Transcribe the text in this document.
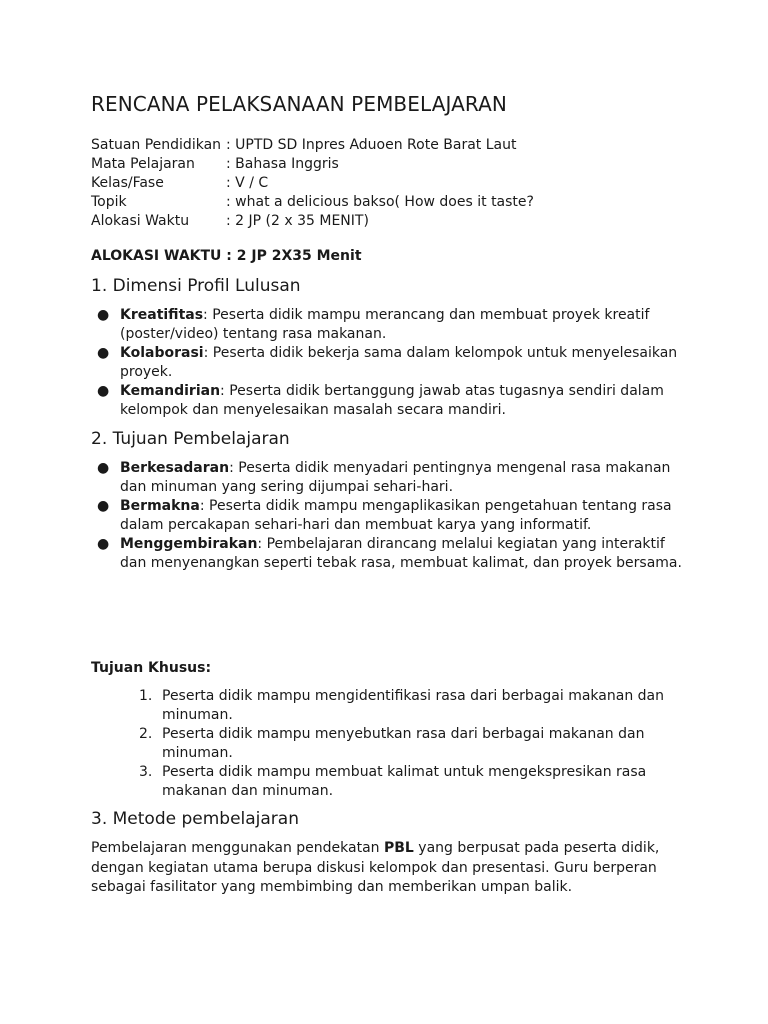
RENCANA PELAKSANAAN PEMBELAJARAN
Satuan Pendidikan : UPTD SD Inpres Aduoen Rote Barat Laut
Mata Pelajaran	: Bahasa Inggris
Kelas/Fase	: V / C
Topik	: what a delicious bakso( How does it taste?
Alokasi Waktu	: 2 JP (2 x 35 MENIT)
ALOKASI WAKTU : 2 JP 2X35 Menit
1. Dimensi Profil Lulusan
● Kreatifitas: Peserta didik mampu merancang dan membuat proyek kreatif (poster/video) tentang rasa makanan.
● Kolaborasi: Peserta didik bekerja sama dalam kelompok untuk menyelesaikan proyek.
● Kemandirian: Peserta didik bertanggung jawab atas tugasnya sendiri dalam kelompok dan menyelesaikan masalah secara mandiri.
2. Tujuan Pembelajaran
● Berkesadaran: Peserta didik menyadari pentingnya mengenal rasa makanan dan minuman yang sering dijumpai sehari-hari.
● Bermakna: Peserta didik mampu mengaplikasikan pengetahuan tentang rasa dalam percakapan sehari-hari dan membuat karya yang informatif.
● Menggembirakan: Pembelajaran dirancang melalui kegiatan yang interaktif dan menyenangkan seperti tebak rasa, membuat kalimat, dan proyek bersama.
Tujuan Khusus:
1. Peserta didik mampu mengidentifikasi rasa dari berbagai makanan dan minuman.
2. Peserta didik mampu menyebutkan rasa dari berbagai makanan dan minuman.
3. Peserta didik mampu membuat kalimat untuk mengekspresikan rasa makanan dan minuman.
3. Metode pembelajaran
Pembelajaran menggunakan pendekatan PBL yang berpusat pada peserta didik, dengan kegiatan utama berupa diskusi kelompok dan presentasi. Guru berperan sebagai fasilitator yang membimbing dan memberikan umpan balik.
